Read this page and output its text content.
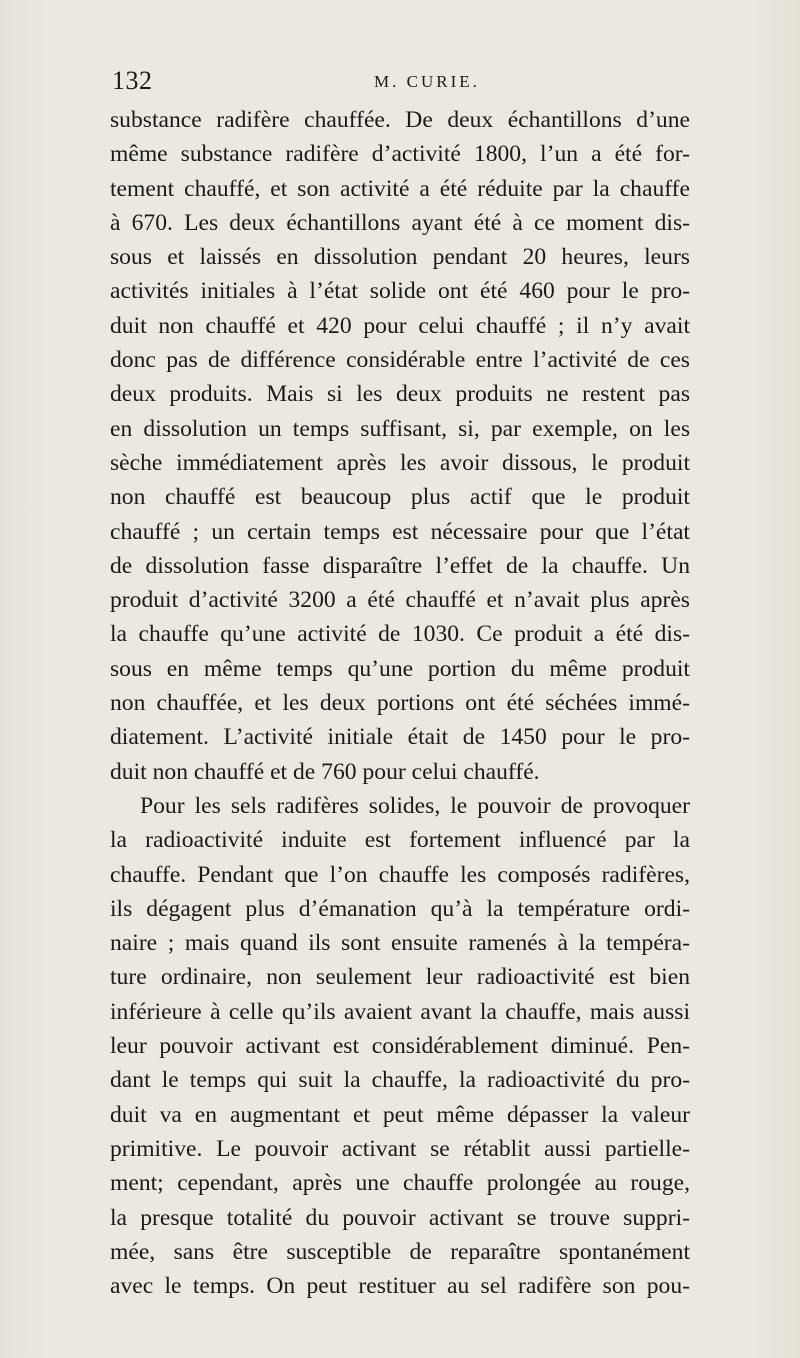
132	M. CURIE.
substance radifère chauffée. De deux échantillons d’une
même substance radifère d’activité 1800, l’un a été for-
tement chauffé, et son activité a été réduite par la chauffe
à 670. Les deux échantillons ayant été à ce moment dis-
sous et laissés en dissolution pendant 20 heures, leurs
activités initiales à l’état solide ont été 460 pour le pro-
duit non chauffé et 420 pour celui chauffé ; il n’y avait
donc pas de différence considérable entre l’activité de ces
deux produits. Mais si les deux produits ne restent pas
en dissolution un temps suffisant, si, par exemple, on les
sèche immédiatement après les avoir dissous, le produit
non chauffé est beaucoup plus actif que le produit
chauffé ; un certain temps est nécessaire pour que l’état
de dissolution fasse disparaître l’effet de la chauffe. Un
produit d’activité 3200 a été chauffé et n’avait plus après
la chauffe qu’une activité de 1030. Ce produit a été dis-
sous en même temps qu’une portion du même produit
non chauffée, et les deux portions ont été séchées immé-
diatement. L’activité initiale était de 1450 pour le pro-
duit non chauffé et de 760 pour celui chauffé.
Pour les sels radifères solides, le pouvoir de provoquer
la radioactivité induite est fortement influencé par la
chauffe. Pendant que l’on chauffe les composés radifères,
ils dégagent plus d’émanation qu’à la température ordi-
naire ; mais quand ils sont ensuite ramenés à la tempéra-
ture ordinaire, non seulement leur radioactivité est bien
inférieure à celle qu’ils avaient avant la chauffe, mais aussi
leur pouvoir activant est considérablement diminué. Pen-
dant le temps qui suit la chauffe, la radioactivité du pro-
duit va en augmentant et peut même dépasser la valeur
primitive. Le pouvoir activant se rétablit aussi partielle-
ment; cependant, après une chauffe prolongée au rouge,
la presque totalité du pouvoir activant se trouve suppri-
mée, sans être susceptible de reparaître spontanément
avec le temps. On peut restituer au sel radifère son pou-
